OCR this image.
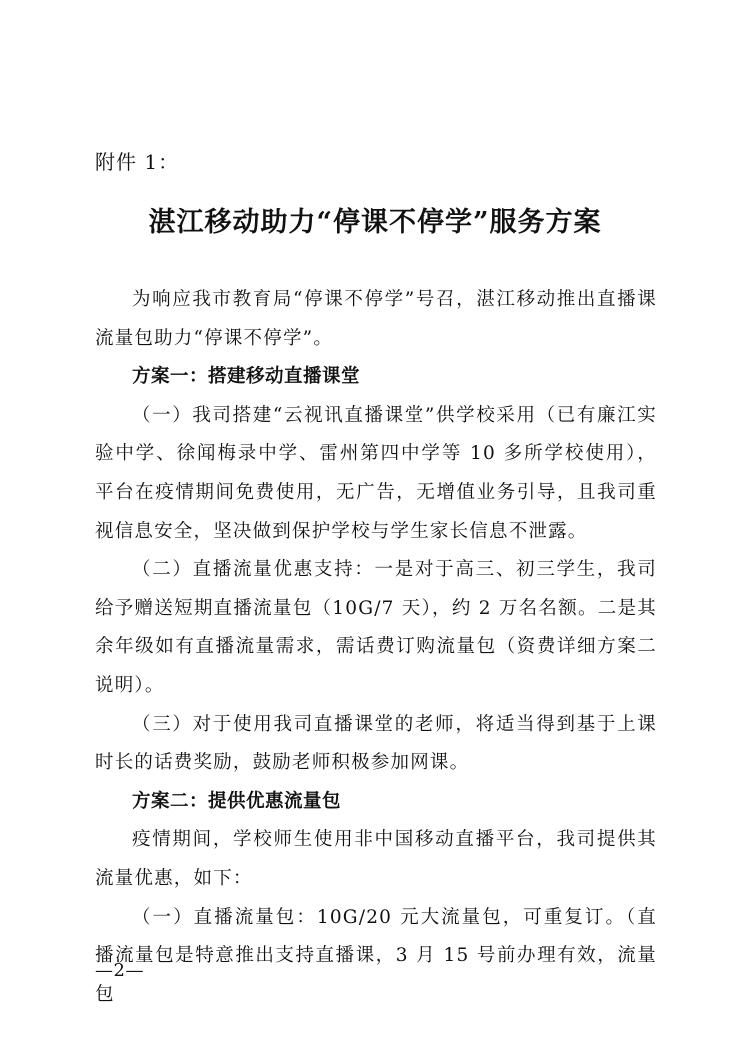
附件 1：
湛江移动助力“停课不停学”服务方案

为响应我市教育局“停课不停学”号召，湛江移动推出直播课流量包助力“停课不停学”。

方案一：搭建移动直播课堂

（一）我司搭建“云视讯直播课堂”供学校采用（已有廉江实验中学、徐闻梅录中学、雷州第四中学等 10 多所学校使用），平台在疫情期间免费使用，无广告，无增值业务引导，且我司重视信息安全，坚决做到保护学校与学生家长信息不泄露。

（二）直播流量优惠支持：一是对于高三、初三学生，我司给予赠送短期直播流量包（10G/7 天），约 2 万名名额。二是其余年级如有直播流量需求，需话费订购流量包（资费详细方案二说明）。

（三）对于使用我司直播课堂的老师，将适当得到基于上课时长的话费奖励，鼓励老师积极参加网课。

方案二：提供优惠流量包

疫情期间，学校师生使用非中国移动直播平台，我司提供其流量优惠，如下：

（一）直播流量包：10G/20 元大流量包，可重复订。（直播流量包是特意推出支持直播课，3 月 15 号前办理有效，流量包

—2—
